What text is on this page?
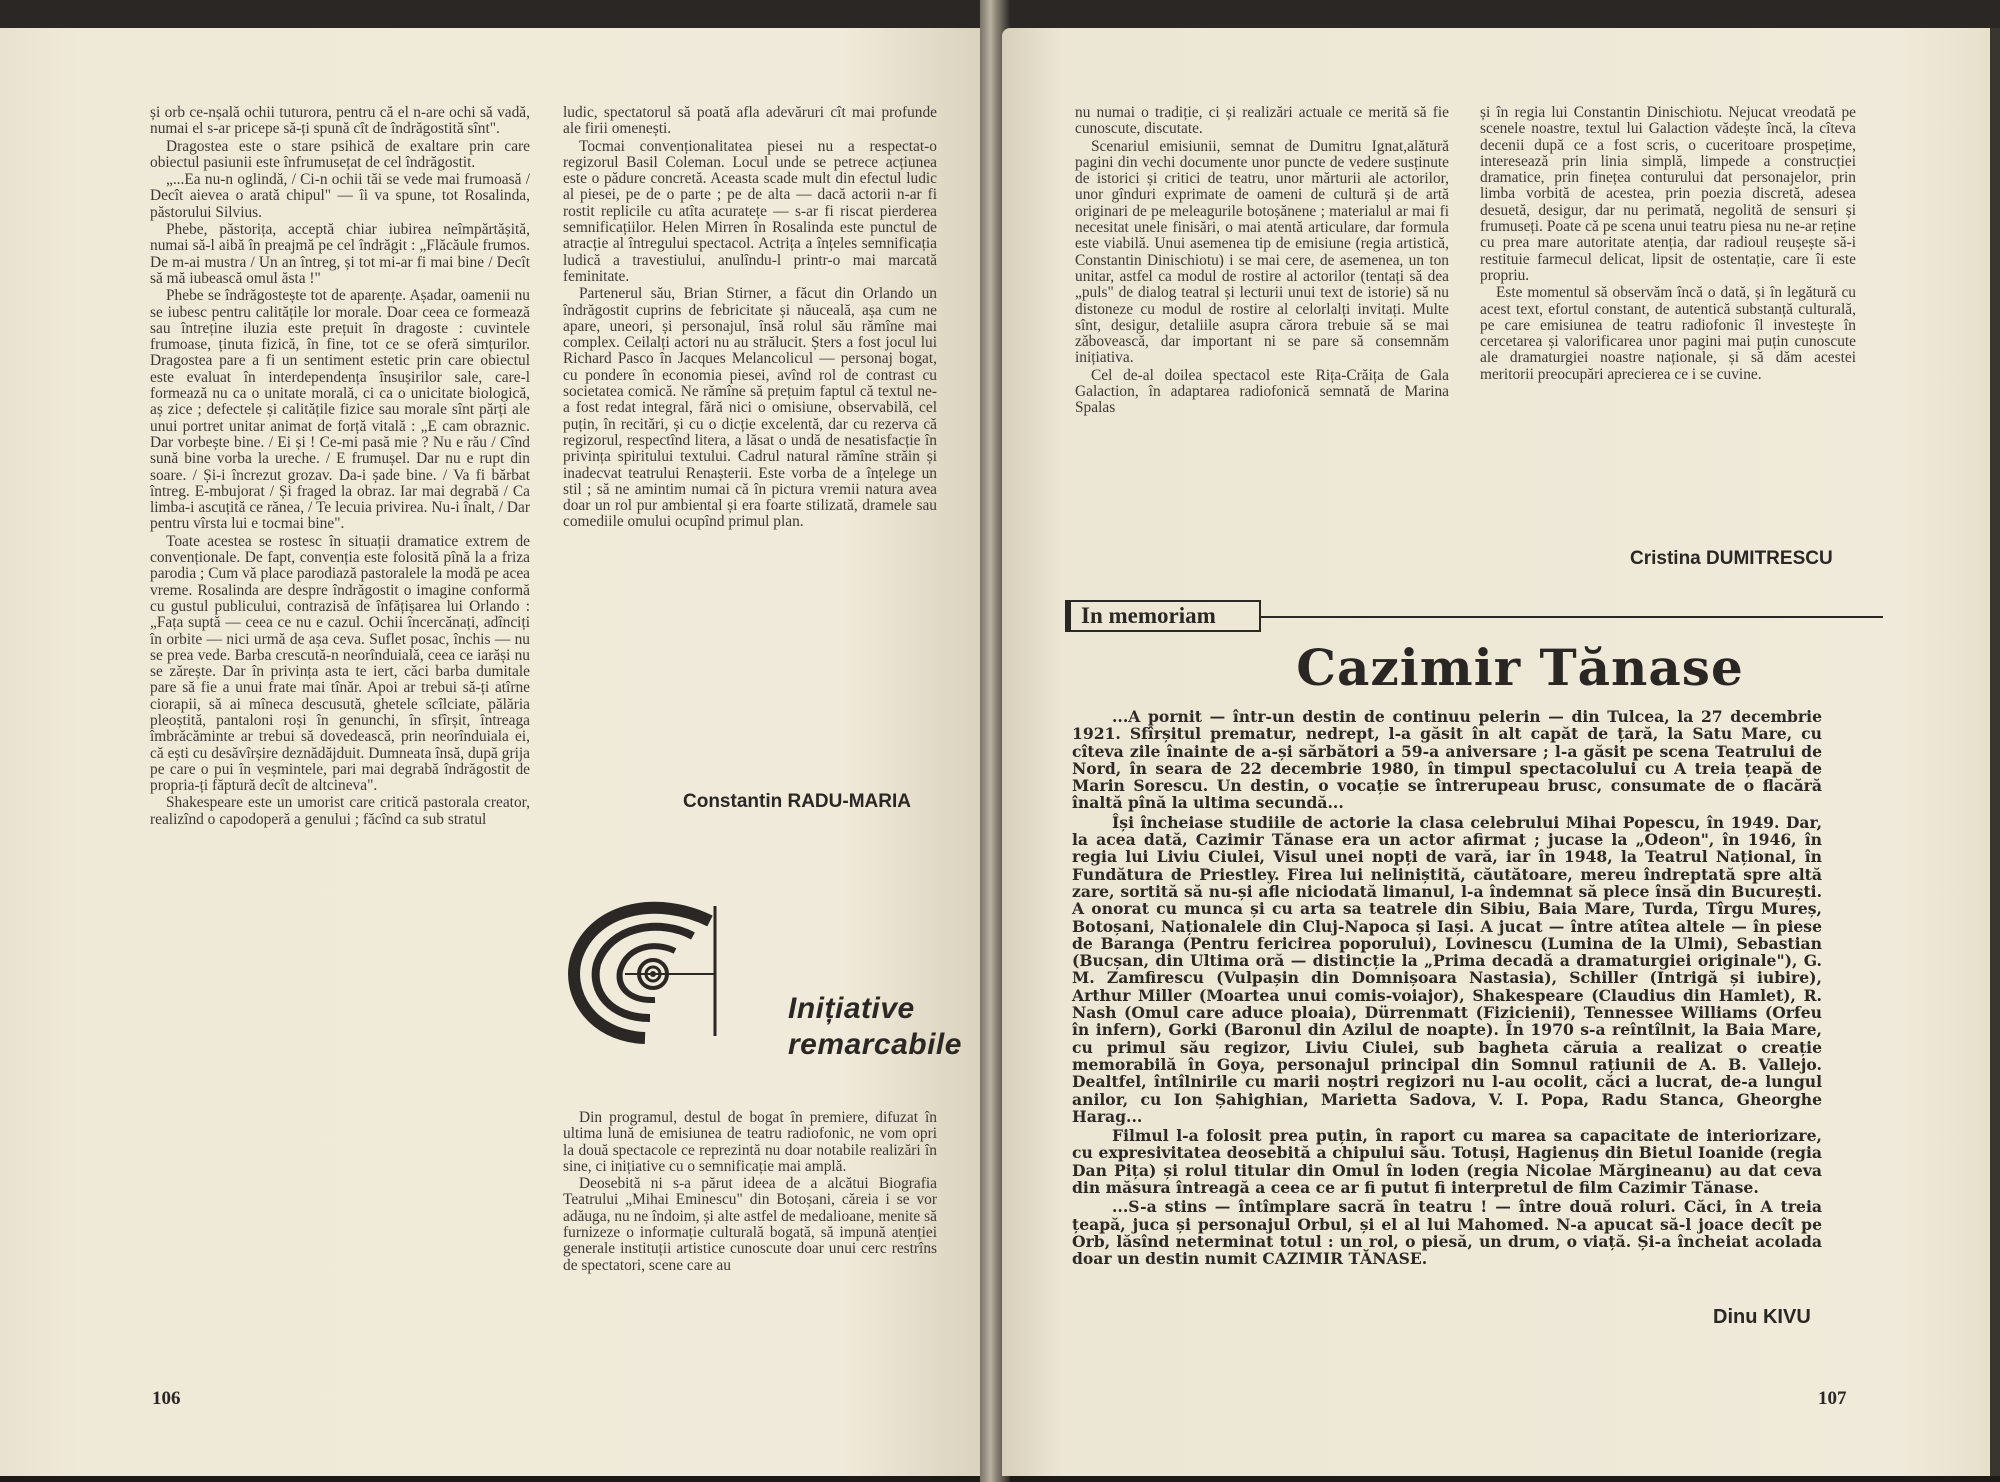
și orb ce-nșală ochii tuturora, pentru că el n-are ochi să vadă, numai el s-ar pricepe să-ți spună cît de îndrăgostită sînt".

Dragostea este o stare psihică de exaltare prin care obiectul pasiunii este înfrumusețat de cel îndrăgostit.

„...Ea nu-n oglindă, / Ci-n ochii tăi se vede mai frumoasă / Decît aievea o arată chipul" — îi va spune, tot Rosalinda, păstorului Silvius.

Phebe, păstorița, acceptă chiar iubirea neîmpărtășită, numai să-l aibă în preajmă pe cel îndrăgit : „Flăcăule frumos. De m-ai mustra / Un an întreg, și tot mi-ar fi mai bine / Decît să mă iubească omul ăsta !"

Phebe se îndrăgostește tot de aparențe. Așadar, oamenii nu se iubesc pentru calitățile lor morale. Doar ceea ce formează sau întreține iluzia este prețuit în dragoste : cuvintele frumoase, ținuta fizică, în fine, tot ce se oferă simțurilor. Dragostea pare a fi un sentiment estetic prin care obiectul este evaluat în interdependența însușirilor sale, care-l formează nu ca o unitate morală, ci ca o unicitate biologică, aș zice ; defectele și calitățile fizice sau morale sînt părți ale unui portret unitar animat de forță vitală : „E cam obraznic. Dar vorbește bine. / Ei și ! Ce-mi pasă mie ? Nu e rău / Cînd sună bine vorba la ureche. / E frumușel. Dar nu e rupt din soare. / Și-i încrezut grozav. Da-i șade bine. / Va fi bărbat întreg. E-mbujorat / Și fraged la obraz. Iar mai degrabă / Ca limba-i ascuțită ce rănea, / Te lecuia privirea. Nu-i înalt, / Dar pentru vîrsta lui e tocmai bine".

Toate acestea se rostesc în situații dramatice extrem de convenționale. De fapt, convenția este folosită pînă la a friza parodia ; Cum vă place parodiază pastoralele la modă pe acea vreme. Rosalinda are despre îndrăgostit o imagine conformă cu gustul publicului, contrazisă de înfățișarea lui Orlando : „Fața suptă — ceea ce nu e cazul. Ochii încercănați, adînciți în orbite — nici urmă de așa ceva. Suflet posac, închis — nu se prea vede. Barba crescută-n neorînduială, ceea ce iarăși nu se zărește. Dar în privința asta te iert, căci barba dumitale pare să fie a unui frate mai tînăr. Apoi ar trebui să-ți atîrne ciorapii, să ai mîneca descusută, ghetele scîlciate, pălăria pleoștită, pantaloni roși în genunchi, în sfîrșit, întreaga îmbrăcăminte ar trebui să dovedească, prin neorînduiala ei, că ești cu desăvîrșire deznădăjduit. Dumneata însă, după grija pe care o pui în veșmintele, pari mai degrabă îndrăgostit de propria-ți făptură decît de altcineva".

Shakespeare este un umorist care critică pastorala creator, realizînd o capodoperă a genului ; făcînd ca sub stratul

ludic, spectatorul să poată afla adevăruri cît mai profunde ale firii omenești.

Tocmai convenționalitatea piesei nu a respectat-o regizorul Basil Coleman. Locul unde se petrece acțiunea este o pădure concretă. Aceasta scade mult din efectul ludic al piesei, pe de o parte ; pe de alta — dacă actorii n-ar fi rostit replicile cu atîta acuratețe — s-ar fi riscat pierderea semnificațiilor. Helen Mirren în Rosalinda este punctul de atracție al întregului spectacol. Actrița a înțeles semnificația ludică a travestiului, anulîndu-l printr-o mai marcată feminitate.

Partenerul său, Brian Stirner, a făcut din Orlando un îndrăgostit cuprins de febricitate și năuceală, așa cum ne apare, uneori, și personajul, însă rolul său rămîne mai complex. Ceilalți actori nu au strălucit. Șters a fost jocul lui Richard Pasco în Jacques Melancolicul — personaj bogat, cu pondere în economia piesei, avînd rol de contrast cu societatea comică. Ne rămîne să prețuim faptul că textul ne-a fost redat integral, fără nici o omisiune, observabilă, cel puțin, în recitări, și cu o dicție excelentă, dar cu rezerva că regizorul, respectînd litera, a lăsat o undă de nesatisfacție în privința spiritului textului. Cadrul natural rămîne străin și inadecvat teatrului Renașterii. Este vorba de a înțelege un stil ; să ne amintim numai că în pictura vremii natura avea doar un rol pur ambiental și era foarte stilizată, dramele sau comediile omului ocupînd primul plan.

Constantin RADU-MARIA
Inițiative
remarcabile

Din programul, destul de bogat în premiere, difuzat în ultima lună de emisiunea de teatru radiofonic, ne vom opri la două spectacole ce reprezintă nu doar notabile realizări în sine, ci inițiative cu o semnificație mai amplă.

Deosebită ni s-a părut ideea de a alcătui Biografia Teatrului „Mihai Eminescu" din Botoșani, căreia i se vor adăuga, nu ne îndoim, și alte astfel de medalioane, menite să furnizeze o informație culturală bogată, să impună atenției generale instituții artistice cunoscute doar unui cerc restrîns de spectatori, scene care au

106

nu numai o tradiție, ci și realizări actuale ce merită să fie cunoscute, discutate.

Scenariul emisiunii, semnat de Dumitru Ignat,alătură pagini din vechi documente unor puncte de vedere susținute de istorici și critici de teatru, unor mărturii ale actorilor, unor gînduri exprimate de oameni de cultură și de artă originari de pe meleagurile botoșănene ; materialul ar mai fi necesitat unele finisări, o mai atentă articulare, dar formula este viabilă. Unui asemenea tip de emisiune (regia artistică, Constantin Dinischiotu) i se mai cere, de asemenea, un ton unitar, astfel ca modul de rostire al actorilor (tentați să dea „puls" de dialog teatral și lecturii unui text de istorie) să nu distoneze cu modul de rostire al celorlalți invitați. Multe sînt, desigur, detaliile asupra cărora trebuie să se mai zăbovească, dar important ni se pare să consemnăm inițiativa.

Cel de-al doilea spectacol este Rița-Crăița de Gala Galaction, în adaptarea radiofonică semnată de Marina Spalas

și în regia lui Constantin Dinischiotu. Nejucat vreodată pe scenele noastre, textul lui Galaction vădește încă, la cîteva decenii după ce a fost scris, o cuceritoare prospețime, interesează prin linia simplă, limpede a construcției dramatice, prin finețea conturului dat personajelor, prin limba vorbită de acestea, prin poezia discretă, adesea desuetă, desigur, dar nu perimată, negolită de sensuri și frumuseți. Poate că pe scena unui teatru piesa nu ne-ar reține cu prea mare autoritate atenția, dar radioul reușește să-i restituie farmecul delicat, lipsit de ostentație, care îi este propriu.

Este momentul să observăm încă o dată, și în legătură cu acest text, efortul constant, de autentică substanță culturală, pe care emisiunea de teatru radiofonic îl investește în cercetarea și valorificarea unor pagini mai puțin cunoscute ale dramaturgiei noastre naționale, și să dăm acestei meritorii preocupări aprecierea ce i se cuvine.

Cristina DUMITRESCU
In memoriam
Cazimir Tănase

...A pornit — într-un destin de continuu pelerin — din Tulcea, la 27 decembrie 1921. Sfîrșitul prematur, nedrept, l-a găsit în alt capăt de țară, la Satu Mare, cu cîteva zile înainte de a-și sărbători a 59-a aniversare ; l-a găsit pe scena Teatrului de Nord, în seara de 22 decembrie 1980, în timpul spectacolului cu A treia țeapă de Marin Sorescu. Un destin, o vocație se întrerupeau brusc, consumate de o flacără înaltă pînă la ultima secundă...

Își încheiase studiile de actorie la clasa celebrului Mihai Popescu, în 1949. Dar, la acea dată, Cazimir Tănase era un actor afirmat ; jucase la „Odeon", în 1946, în regia lui Liviu Ciulei, Visul unei nopți de vară, iar în 1948, la Teatrul Național, în Fundătura de Priestley. Firea lui neliniștită, căutătoare, mereu îndreptată spre altă zare, sortită să nu-și afle niciodată limanul, l-a îndemnat să plece însă din București. A onorat cu munca și cu arta sa teatrele din Sibiu, Baia Mare, Turda, Tîrgu Mureș, Botoșani, Naționalele din Cluj-Napoca și Iași. A jucat — între atîtea altele — în piese de Baranga (Pentru fericirea poporului), Lovinescu (Lumina de la Ulmi), Sebastian (Bucșan, din Ultima oră — distincție la „Prima decadă a dramaturgiei originale"), G. M. Zamfirescu (Vulpașin din Domnișoara Nastasia), Schiller (Intrigă și iubire), Arthur Miller (Moartea unui comis-voiajor), Shakespeare (Claudius din Hamlet), R. Nash (Omul care aduce ploaia), Dürrenmatt (Fizicienii), Tennessee Williams (Orfeu în infern), Gorki (Baronul din Azilul de noapte). În 1970 s-a reîntîlnit, la Baia Mare, cu primul său regizor, Liviu Ciulei, sub bagheta căruia a realizat o creație memorabilă în Goya, personajul principal din Somnul rațiunii de A. B. Vallejo. Dealtfel, întîlnirile cu marii noștri regizori nu l-au ocolit, căci a lucrat, de-a lungul anilor, cu Ion Șahighian, Marietta Sadova, V. I. Popa, Radu Stanca, Gheorghe Harag...

Filmul l-a folosit prea puțin, în raport cu marea sa capacitate de interiorizare, cu expresivitatea deosebită a chipului său. Totuși, Hagienuș din Bietul Ioanide (regia Dan Pița) și rolul titular din Omul în loden (regia Nicolae Mărgineanu) au dat ceva din măsura întreagă a ceea ce ar fi putut fi interpretul de film Cazimir Tănase.

...S-a stins — întîmplare sacră în teatru ! — între două roluri. Căci, în A treia țeapă, juca și personajul Orbul, și el al lui Mahomed. N-a apucat să-l joace decît pe Orb, lăsînd neterminat totul : un rol, o piesă, un drum, o viață. Și-a încheiat acolada doar un destin numit CAZIMIR TĂNASE.

Dinu KIVU
107
